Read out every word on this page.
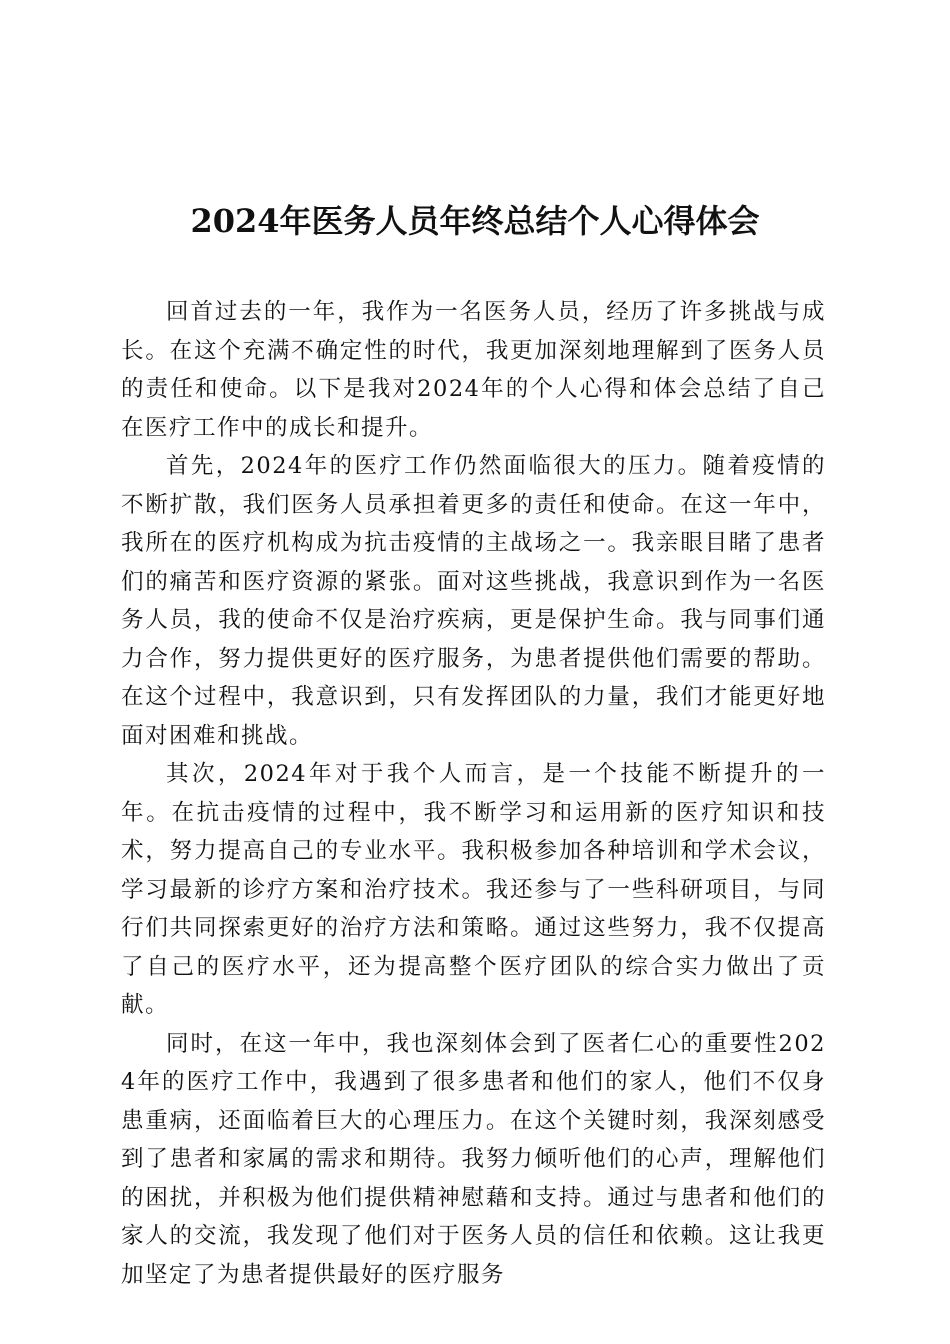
2024年医务人员年终总结个人心得体会

回首过去的一年，我作为一名医务人员，经历了许多挑战与成长。在这个充满不确定性的时代，我更加深刻地理解到了医务人员的责任和使命。以下是我对2024年的个人心得和体会总结了自己在医疗工作中的成长和提升。

首先，2024年的医疗工作仍然面临很大的压力。随着疫情的不断扩散，我们医务人员承担着更多的责任和使命。在这一年中，我所在的医疗机构成为抗击疫情的主战场之一。我亲眼目睹了患者们的痛苦和医疗资源的紧张。面对这些挑战，我意识到作为一名医务人员，我的使命不仅是治疗疾病，更是保护生命。我与同事们通力合作，努力提供更好的医疗服务，为患者提供他们需要的帮助。在这个过程中，我意识到，只有发挥团队的力量，我们才能更好地面对困难和挑战。

其次，2024年对于我个人而言，是一个技能不断提升的一年。在抗击疫情的过程中，我不断学习和运用新的医疗知识和技术，努力提高自己的专业水平。我积极参加各种培训和学术会议，学习最新的诊疗方案和治疗技术。我还参与了一些科研项目，与同行们共同探索更好的治疗方法和策略。通过这些努力，我不仅提高了自己的医疗水平，还为提高整个医疗团队的综合实力做出了贡献。

同时，在这一年中，我也深刻体会到了医者仁心的重要性2024年的医疗工作中，我遇到了很多患者和他们的家人，他们不仅身患重病，还面临着巨大的心理压力。在这个关键时刻，我深刻感受到了患者和家属的需求和期待。我努力倾听他们的心声，理解他们的困扰，并积极为他们提供精神慰藉和支持。通过与患者和他们的家人的交流，我发现了他们对于医务人员的信任和依赖。这让我更加坚定了为患者提供最好的医疗服务
